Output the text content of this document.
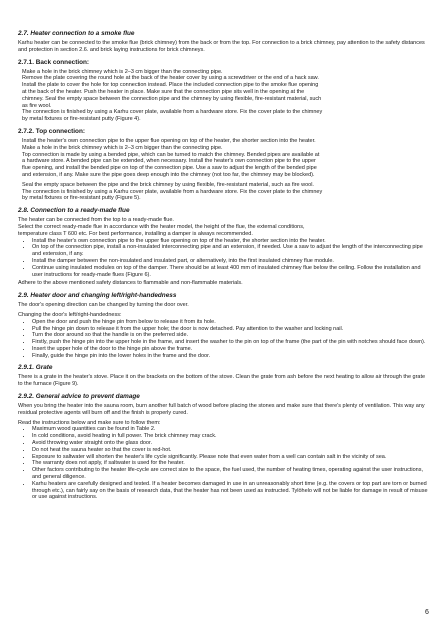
2.7. Heater connection to a smoke flue

Karhu heater can be connected to the smoke flue (brick chimney) from the back or from the top. For connection to a brick chimney, pay attention to the safety distances and protection in section 2.6. and brick laying instructions for brick chimneys.

2.7.1. Back connection:

Make a hole in the brick chimney which is 2–3 cm bigger than the connecting pipe.

Remove the plate covering the round hole at the back of the heater cover by using a screwdriver or the end of a hack saw.

Install the plate to cover the hole for top connection instead. Place the included connection pipe to the smoke flue opening

at the back of the heater. Push the heater in place. Make sure that the connection pipe sits well in the opening at the

chimney. Seal the empty space between the connection pipe and the chimney by using flexible, fire-resistant material, such

as fire wool.

The connection is finished by using a Karhu cover plate, available from a hardware store. Fix the cover plate to the chimney

by metal fixtures or fire-resistant putty (Figure 4).

2.7.2. Top connection:

Install the heater's own connection pipe to the upper flue opening on top of the heater, the shorter section into the heater.

Make a hole in the brick chimney which is 2–3 cm bigger than the connecting pipe.

Top connection is made by using a bended pipe, which can be turned to match the chimney. Bended pipes are available at

a hardware store. A bended pipe can be extended, when necessary. Install the heater's own connection pipe to the upper

flue opening, and install the bended pipe on top of the connection pipe. Use a saw to adjust the length of the bended pipe

and extension, if any. Make sure the pipe goes deep enough into the chimney (not too far, the chimney may be blocked).

Seal the empty space between the pipe and the brick chimney by using flexible, fire-resistant material, such as fire wool.

The connection is finished by using a Karhu cover plate, available from a hardware store. Fix the cover plate to the chimney

by metal fixtures or fire-resistant putty (Figure 5).

2.8. Connection to a ready-made flue

The heater can be connected from the top to a ready-made flue.

Select the correct ready-made flue in accordance with the heater model, the height of the flue, the external conditions,

temperature class T 600 etc. For best performance, installing a damper is always recommended.

• Install the heater's own connection pipe to the upper flue opening on top of the heater, the shorter section into the heater.
• On top of the connection pipe, install a non-insulated interconnecting pipe and an extension, if needed. Use a saw to adjust the length of the interconnecting pipe and extension, if any.
• Install the damper between the non-insulated and insulated part, or alternatively, into the first insulated chimney flue module.
• Continue using insulated modules on top of the damper. There should be at least 400 mm of insulated chimney flue below the ceiling. Follow the installation and user instructions for ready-made flues (Figure 6).

Adhere to the above mentioned safety distances to flammable and non-flammable materials.

2.9. Heater door and changing left/right-handedness

The door's opening direction can be changed by turning the door over.

Changing the door's left/right-handedness:

• Open the door and push the hinge pin from below to release it from its hole.
• Pull the hinge pin down to release it from the upper hole; the door is now detached. Pay attention to the washer and locking nail.
• Turn the door around so that the handle is on the preferred side.
• Firstly, push the hinge pin into the upper hole in the frame, and insert the washer to the pin on top of the frame (the part of the pin with notches should face down).
• Insert the upper hole of the door to the hinge pin above the frame.
• Finally, guide the hinge pin into the lower holes in the frame and the door.
2.9.1. Grate

There is a grate in the heater's stove. Place it on the brackets on the bottom of the stove. Clean the grate from ash before the next heating to allow air through the grate to the furnace (Figure 9).

2.9.2. General advice to prevent damage

When you bring the heater into the sauna room, burn another full batch of wood before placing the stones and make sure that there's plenty of ventilation. This way any residual protective agents will burn off and the finish is properly cured.

Read the instructions below and make sure to follow them:

• Maximum wood quantities can be found in Table 2.
• In cold conditions, avoid heating in full power. The brick chimney may crack.
• Avoid throwing water straight onto the glass door.
• Do not heat the sauna heater so that the cover is red-hot.
• Exposure to saltwater will shorten the heater's life cycle significantly. Please note that even water from a well can contain salt in the vicinity of sea.
• The warranty does not apply, if saltwater is used for the heater.
• Other factors contributing to the heater life-cycle are correct size to the space, the fuel used, the number of heating times, operating against the user instructions, and general diligence.
• Karhu heaters are carefully designed and tested. If a heater becomes damaged in use in an unreasonably short time (e.g. the covers or top part are torn or burned through etc.), can fairly say on the basis of research data, that the heater has not been used as instructed. Tylöhelo will not be liable for damage in result of misuse or use against instructions.
6
